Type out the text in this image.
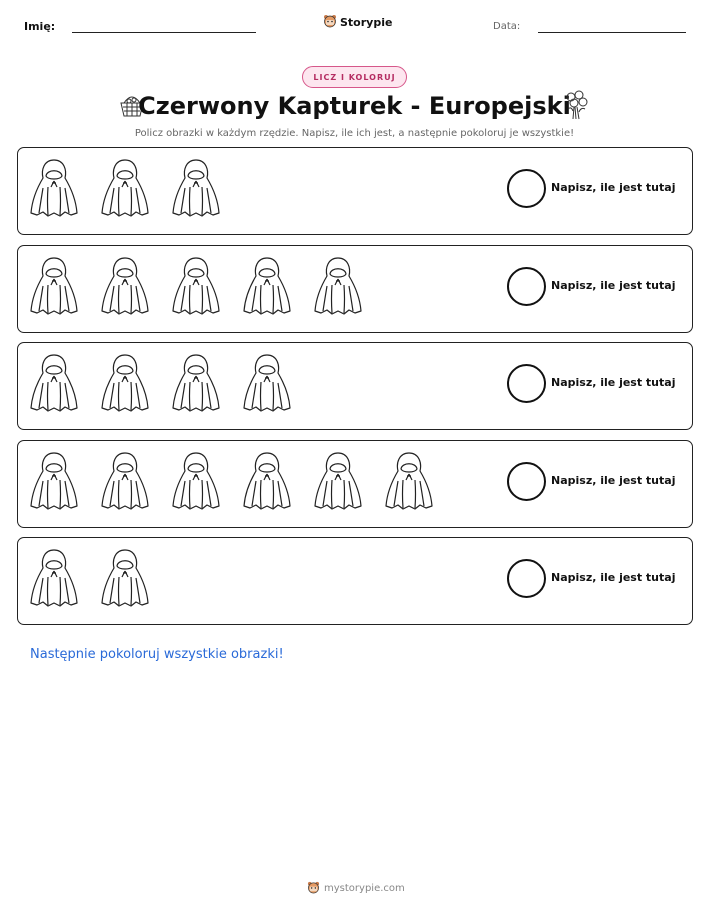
Imię:	Storypie	Data:
LICZ I KOLORUJ
Czerwony Kapturek - Europejski
Policz obrazki w każdym rzędzie. Napisz, ile ich jest, a następnie pokoloruj je wszystkie!
Napisz, ile jest tutaj
Napisz, ile jest tutaj
Napisz, ile jest tutaj
Napisz, ile jest tutaj
Napisz, ile jest tutaj
Następnie pokoloruj wszystkie obrazki!
mystorypie.com
